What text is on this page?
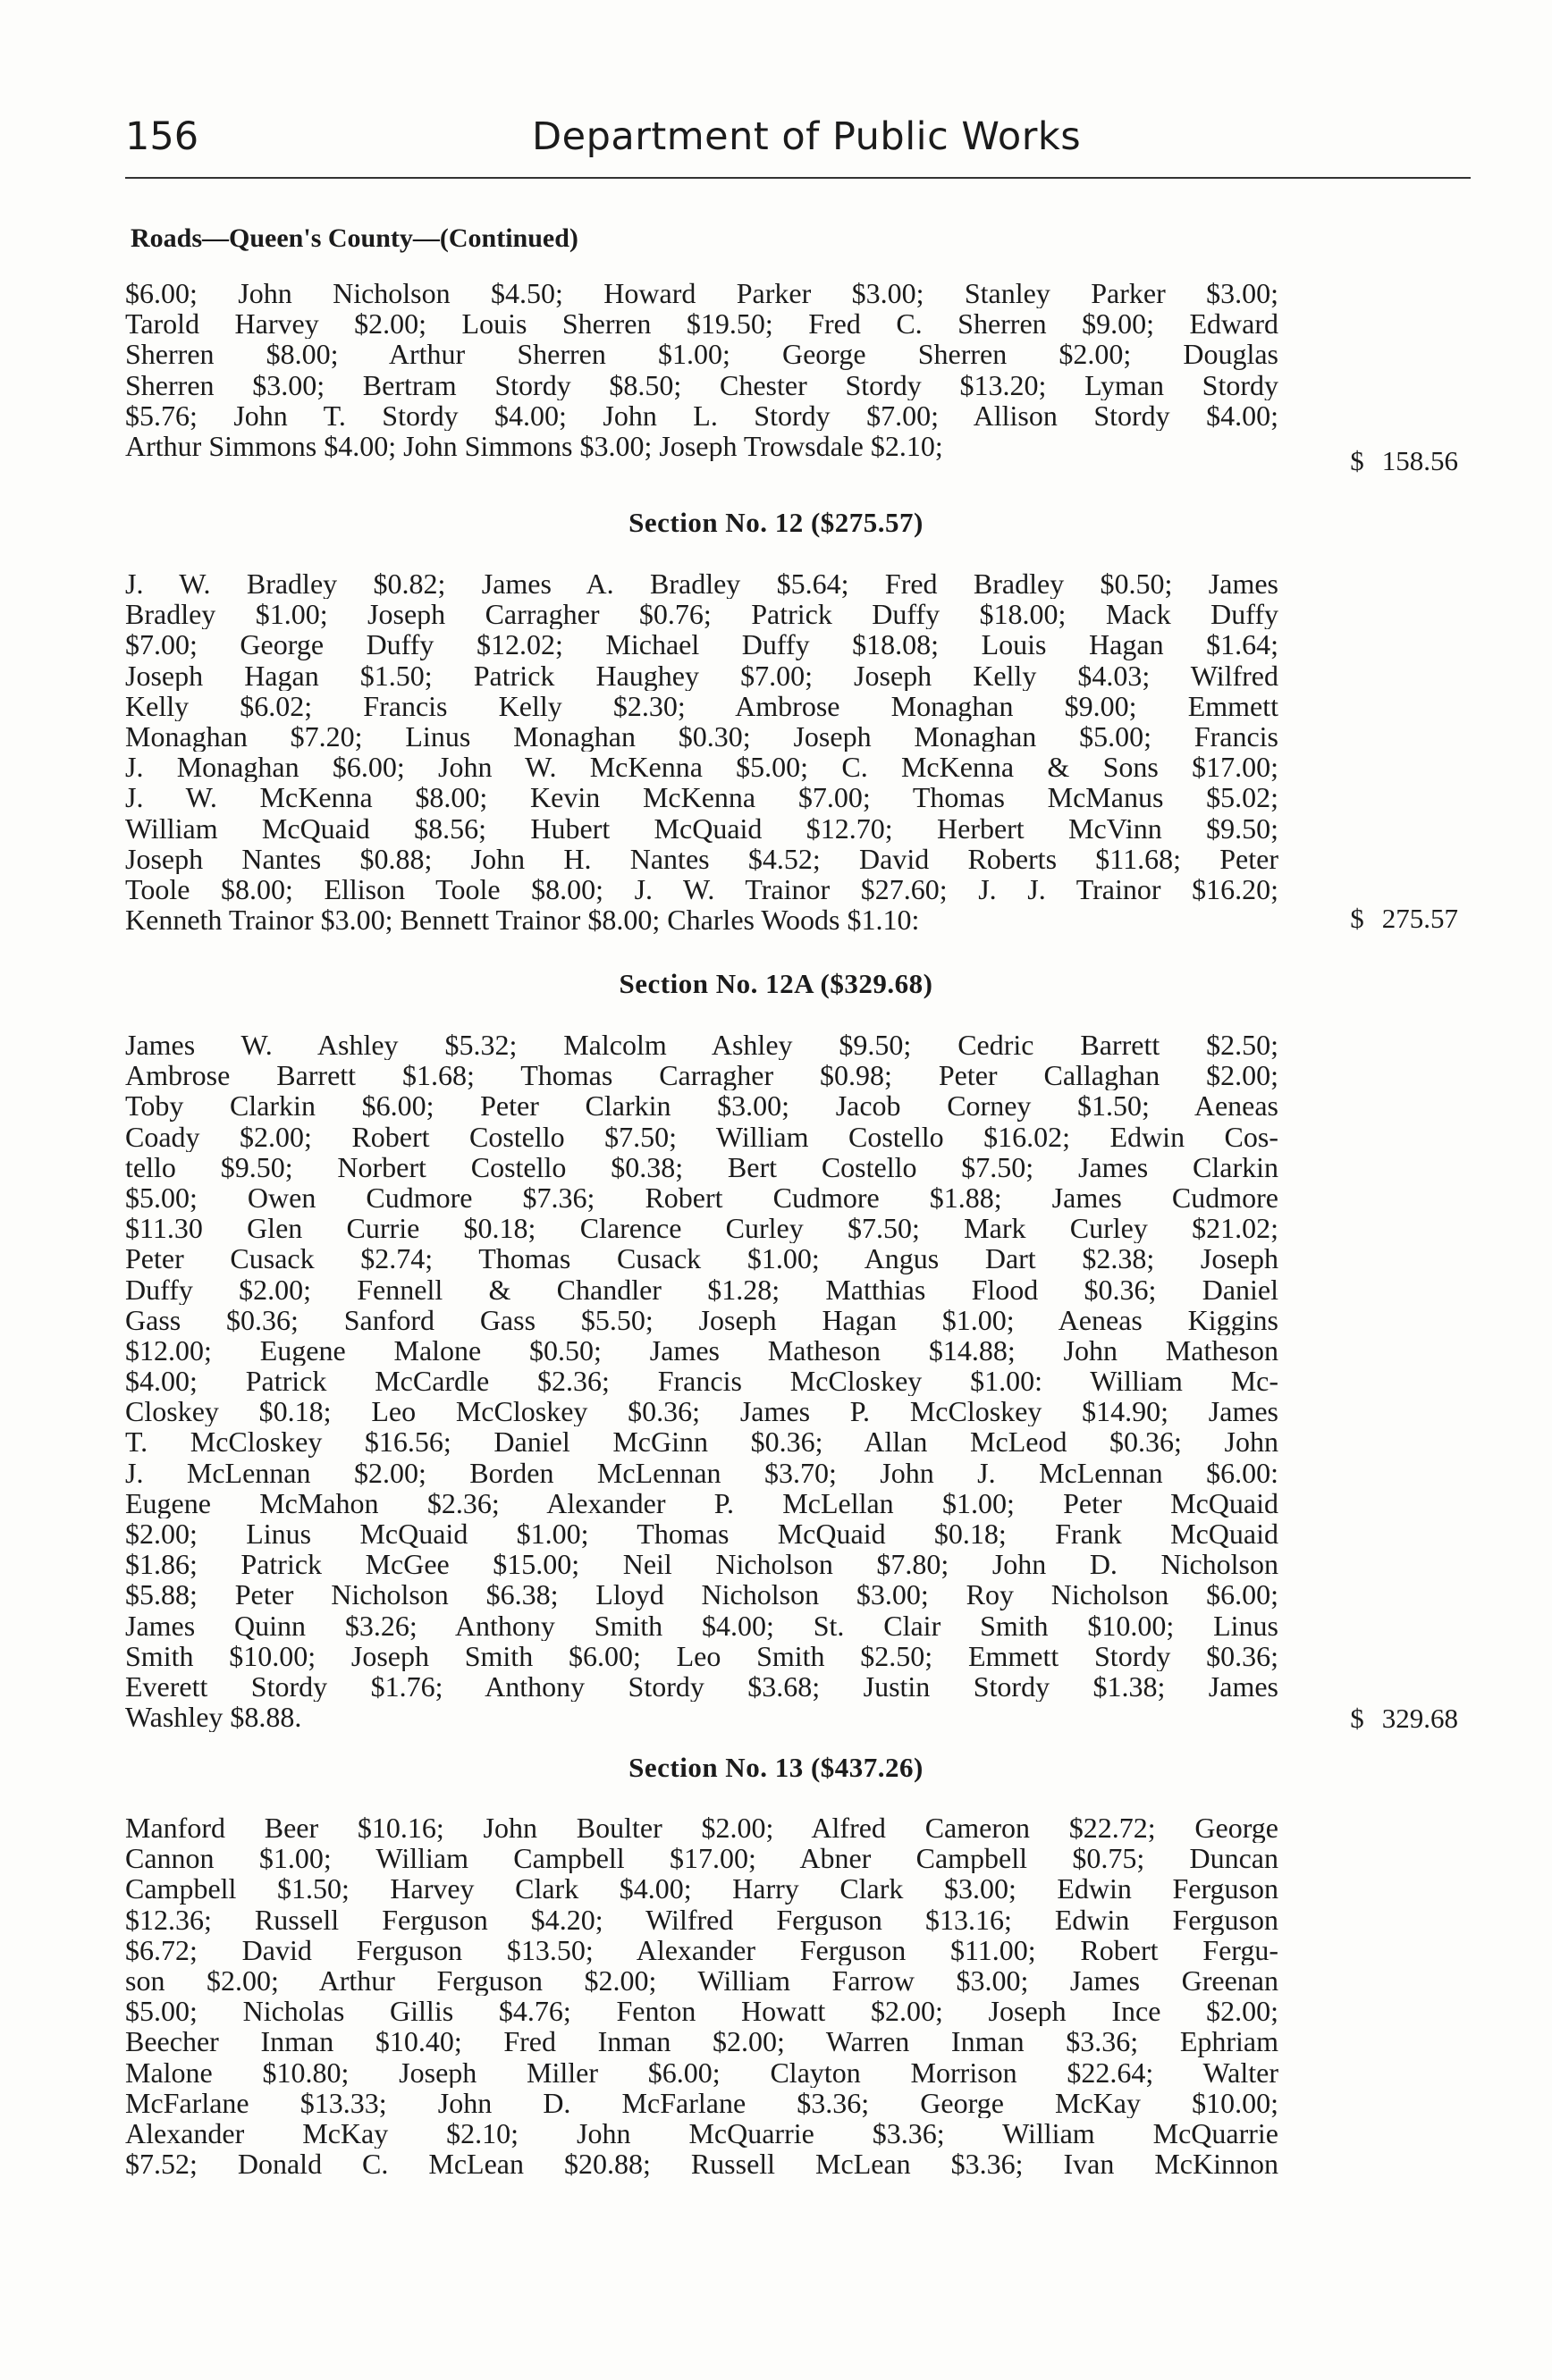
156	Department of Public Works
Roads—Queen's County—(Continued)
$6.00; John Nicholson $4.50; Howard Parker $3.00; Stanley Parker $3.00;
Tarold Harvey $2.00; Louis Sherren $19.50; Fred C. Sherren $9.00; Edward
Sherren $8.00; Arthur Sherren $1.00; George Sherren $2.00; Douglas
Sherren $3.00; Bertram Stordy $8.50; Chester Stordy $13.20; Lyman Stordy
$5.76; John T. Stordy $4.00; John L. Stordy $7.00; Allison Stordy $4.00;
Arthur Simmons $4.00; John Simmons $3.00; Joseph Trowsdale $2.10;	$ 158.56
Section No. 12 ($275.57)
J. W. Bradley $0.82; James A. Bradley $5.64; Fred Bradley $0.50; James
Bradley $1.00; Joseph Carragher $0.76; Patrick Duffy $18.00; Mack Duffy
$7.00; George Duffy $12.02; Michael Duffy $18.08; Louis Hagan $1.64;
Joseph Hagan $1.50; Patrick Haughey $7.00; Joseph Kelly $4.03; Wilfred
Kelly $6.02; Francis Kelly $2.30; Ambrose Monaghan $9.00; Emmett
Monaghan $7.20; Linus Monaghan $0.30; Joseph Monaghan $5.00; Francis
J. Monaghan $6.00; John W. McKenna $5.00; C. McKenna & Sons $17.00;
J. W. McKenna $8.00; Kevin McKenna $7.00; Thomas McManus $5.02;
William McQuaid $8.56; Hubert McQuaid $12.70; Herbert McVinn $9.50;
Joseph Nantes $0.88; John H. Nantes $4.52; David Roberts $11.68; Peter
Toole $8.00; Ellison Toole $8.00; J. W. Trainor $27.60; J. J. Trainor $16.20;
Kenneth Trainor $3.00; Bennett Trainor $8.00; Charles Woods $1.10:	$ 275.57
Section No. 12A ($329.68)
James W. Ashley $5.32; Malcolm Ashley $9.50; Cedric Barrett $2.50;
Ambrose Barrett $1.68; Thomas Carragher $0.98; Peter Callaghan $2.00;
Toby Clarkin $6.00; Peter Clarkin $3.00; Jacob Corney $1.50; Aeneas
Coady $2.00; Robert Costello $7.50; William Costello $16.02; Edwin Cos-
tello $9.50; Norbert Costello $0.38; Bert Costello $7.50; James Clarkin
$5.00; Owen Cudmore $7.36; Robert Cudmore $1.88; James Cudmore
$11.30 Glen Currie $0.18; Clarence Curley $7.50; Mark Curley $21.02;
Peter Cusack $2.74; Thomas Cusack $1.00; Angus Dart $2.38; Joseph
Duffy $2.00; Fennell & Chandler $1.28; Matthias Flood $0.36; Daniel
Gass $0.36; Sanford Gass $5.50; Joseph Hagan $1.00; Aeneas Kiggins
$12.00; Eugene Malone $0.50; James Matheson $14.88; John Matheson
$4.00; Patrick McCardle $2.36; Francis McCloskey $1.00: William Mc-
Closkey $0.18; Leo McCloskey $0.36; James P. McCloskey $14.90; James
T. McCloskey $16.56; Daniel McGinn $0.36; Allan McLeod $0.36; John
J. McLennan $2.00; Borden McLennan $3.70; John J. McLennan $6.00:
Eugene McMahon $2.36; Alexander P. McLellan $1.00; Peter McQuaid
$2.00; Linus McQuaid $1.00; Thomas McQuaid $0.18; Frank McQuaid
$1.86; Patrick McGee $15.00; Neil Nicholson $7.80; John D. Nicholson
$5.88; Peter Nicholson $6.38; Lloyd Nicholson $3.00; Roy Nicholson $6.00;
James Quinn $3.26; Anthony Smith $4.00; St. Clair Smith $10.00; Linus
Smith $10.00; Joseph Smith $6.00; Leo Smith $2.50; Emmett Stordy $0.36;
Everett Stordy $1.76; Anthony Stordy $3.68; Justin Stordy $1.38; James
Washley $8.88.	$ 329.68
Section No. 13 ($437.26)
Manford Beer $10.16; John Boulter $2.00; Alfred Cameron $22.72; George
Cannon $1.00; William Campbell $17.00; Abner Campbell $0.75; Duncan
Campbell $1.50; Harvey Clark $4.00; Harry Clark $3.00; Edwin Ferguson
$12.36; Russell Ferguson $4.20; Wilfred Ferguson $13.16; Edwin Ferguson
$6.72; David Ferguson $13.50; Alexander Ferguson $11.00; Robert Fergu-
son $2.00; Arthur Ferguson $2.00; William Farrow $3.00; James Greenan
$5.00; Nicholas Gillis $4.76; Fenton Howatt $2.00; Joseph Ince $2.00;
Beecher Inman $10.40; Fred Inman $2.00; Warren Inman $3.36; Ephriam
Malone $10.80; Joseph Miller $6.00; Clayton Morrison $22.64; Walter
McFarlane $13.33; John D. McFarlane $3.36; George McKay $10.00;
Alexander McKay $2.10; John McQuarrie $3.36; William McQuarrie
$7.52; Donald C. McLean $20.88; Russell McLean $3.36; Ivan McKinnon
